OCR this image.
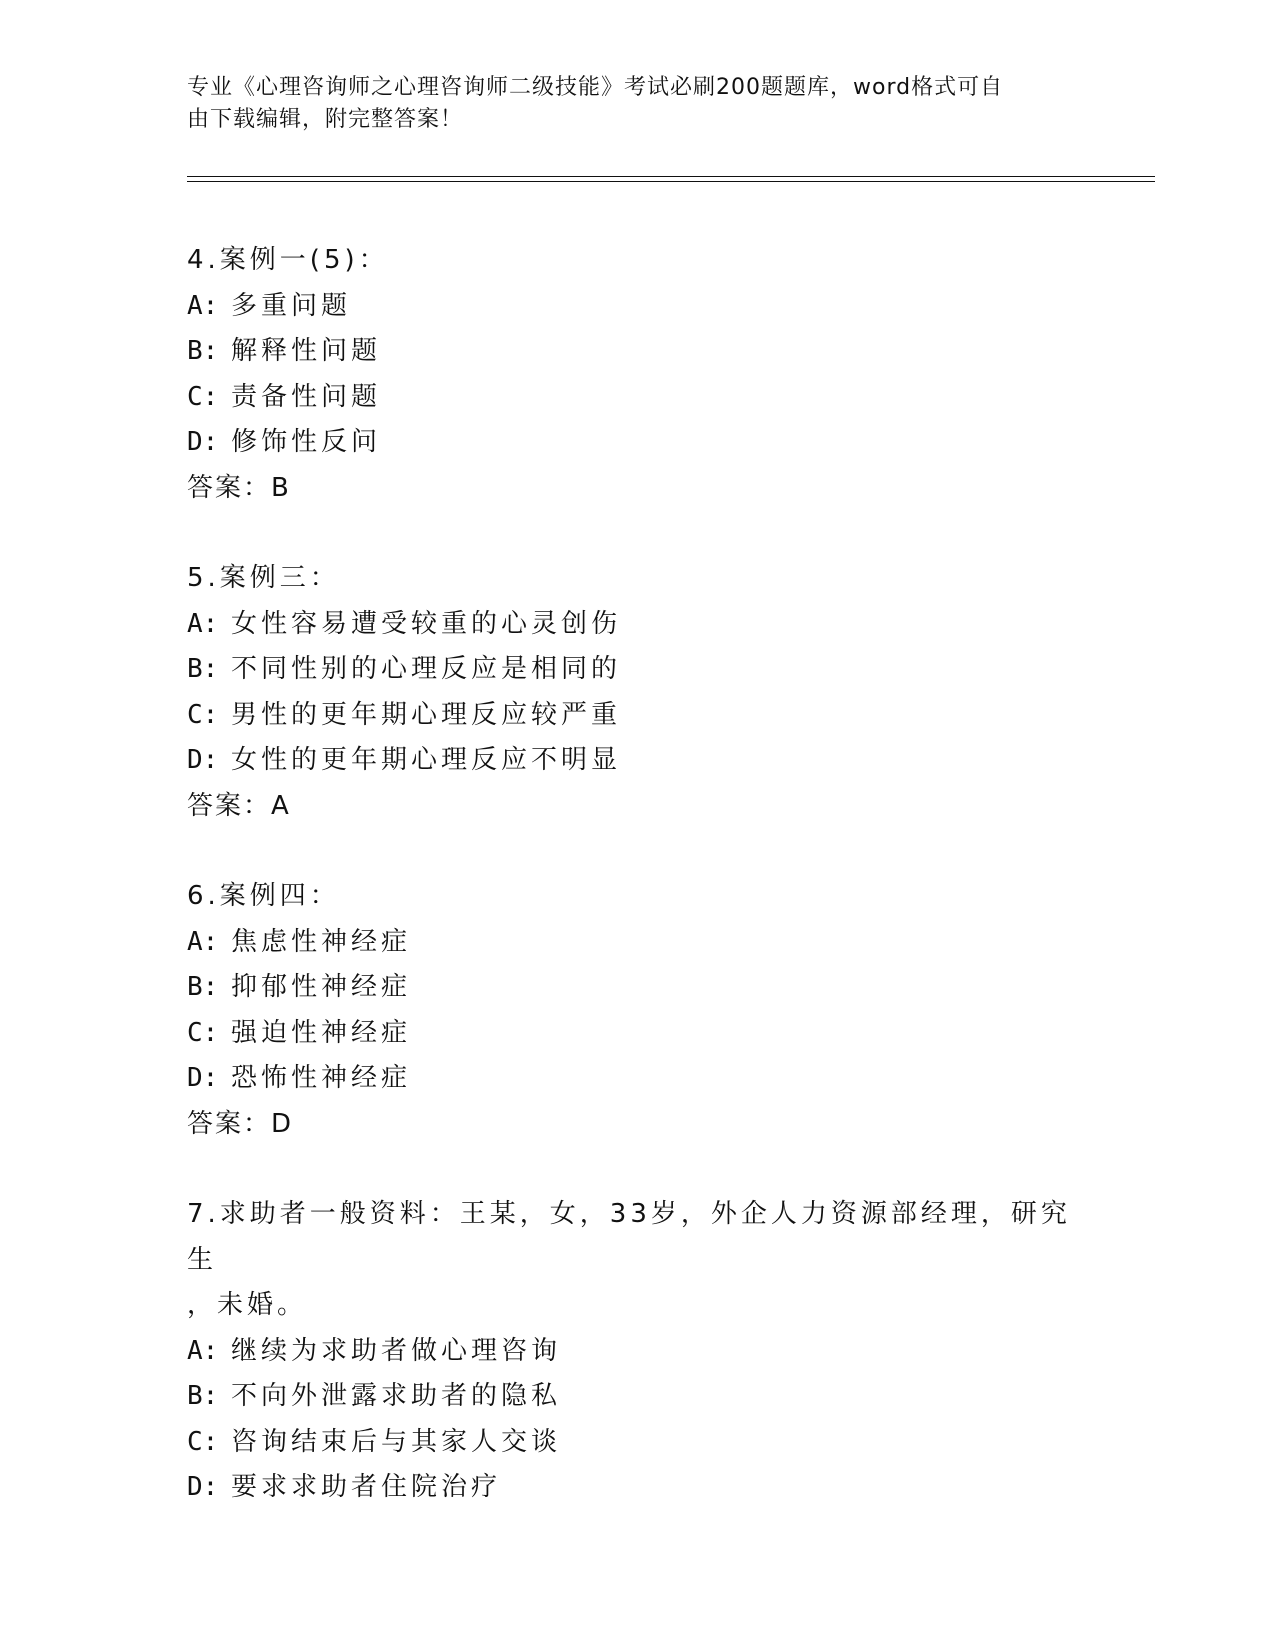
专业《心理咨询师之心理咨询师二级技能》考试必刷200题题库，word格式可自
由下载编辑，附完整答案！

4.案例一(5)：

A: 多重问题
B: 解释性问题
C: 责备性问题
D: 修饰性反问

答案：B

5.案例三：

A: 女性容易遭受较重的心灵创伤
B: 不同性别的心理反应是相同的
C: 男性的更年期心理反应较严重
D: 女性的更年期心理反应不明显

答案：A

6.案例四：

A: 焦虑性神经症
B: 抑郁性神经症
C: 强迫性神经症
D: 恐怖性神经症

答案：D

7.求助者一般资料：王某，女，33岁，外企人力资源部经理，研究生

，未婚。

A: 继续为求助者做心理咨询
B: 不向外泄露求助者的隐私
C: 咨询结束后与其家人交谈
D: 要求求助者住院治疗
